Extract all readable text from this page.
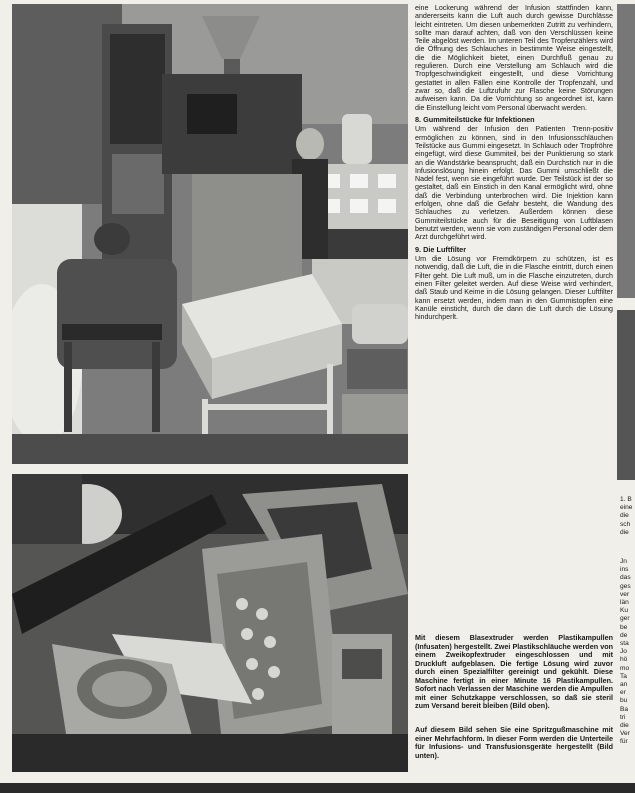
eine Lockerung während der Infusion stattfinden kann, andererseits kann die Luft auch durch gewisse Durchlässe leicht eintreten. Um diesen unbemerkten Zutritt zu verhindern, sollte man darauf achten, daß von den Verschlüssen keine Teile abgelöst werden. Im unteren Teil des Tropfenzählers wird die Öffnung des Schlauches in bestimmte Weise eingestellt, die die Möglichkeit bietet, einen Durchfluß genau zu regulieren. Durch eine Verstellung am Schlauch wird die Tropfgeschwindigkeit eingestellt, und diese Vorrichtung gestattet in allen Fällen eine Kontrolle der Tropfenzahl, und zwar so, daß die Luftzufuhr zur Flasche keine Störungen aufweisen kann. Da die Vorrichtung so angeordnet ist, kann die Einstellung leicht vom Personal überwacht werden.

8. Gummiteilstücke für Infektionen

Um während der Infusion den Patienten Trenn-positiv ermöglichen zu können, sind in den Infusionsschläuchen Teilstücke aus Gummi eingesetzt. In Schlauch oder Tropfröhre eingefügt, wird diese Gummiteil, bei der Punktierung so stark an die Wandstärke beansprucht, daß ein Durchstich nur in die Infusionslösung hinein erfolgt. Das Gummi umschließt die Nadel fest, wenn sie eingeführt wurde. Der Teilstück ist der so gestaltet, daß ein Einstich in den Kanal ermöglicht wird, ohne daß die Verbindung unterbrochen wird. Die Injektion kann erfolgen, ohne daß die Gefahr besteht, die Wandung des Schlauches zu verletzen. Außerdem können diese Gummiteilstücke auch für die Beseitigung von Luftblasen benutzt werden, wenn sie vom zuständigen Personal oder dem Arzt durchgeführt wird.

9. Die Luftfilter

Um die Lösung vor Fremdkörpern zu schützen, ist es notwendig, daß die Luft, die in die Flasche eintritt, durch einen Filter geht. Die Luft muß, um in die Flasche einzutreten, durch einen Filter geleitet werden. Auf diese Weise wird verhindert, daß Staub und Keime in die Lösung gelangen. Dieser Luftfilter kann ersetzt werden, indem man in den Gummistopfen eine Kanüle einsticht, durch die dann die Luft durch die Lösung hindurchperlt.

Mit diesem Blasextruder werden Plastikampullen (Infusaten) hergestellt. Zwei Plastikschläuche werden von einem Zweikopfextruder eingeschlossen und mit Druckluft aufgeblasen. Die fertige Lösung wird zuvor durch einen Spezialfilter gereinigt und gekühlt. Diese Maschine fertigt in einer Minute 16 Plastikampullen. Sofort nach Verlassen der Maschine werden die Ampullen mit einer Schutzkappe verschlossen, so daß sie steril zum Versand bereit bleiben (Bild oben).
Auf diesem Bild sehen Sie eine Spritzgußmaschine mit einer Mehrfachform. In dieser Form werden die Unterteile für Infusions- und Transfusionsgeräte hergestellt (Bild unten).
1. B
eine
die
sch
die
Jn
ins
das
ges
ver
län
Ku
ger
be
de
sta
Jo
hö
mo
Ta
an
er
bu
Ba
tri
die
Ver
für
